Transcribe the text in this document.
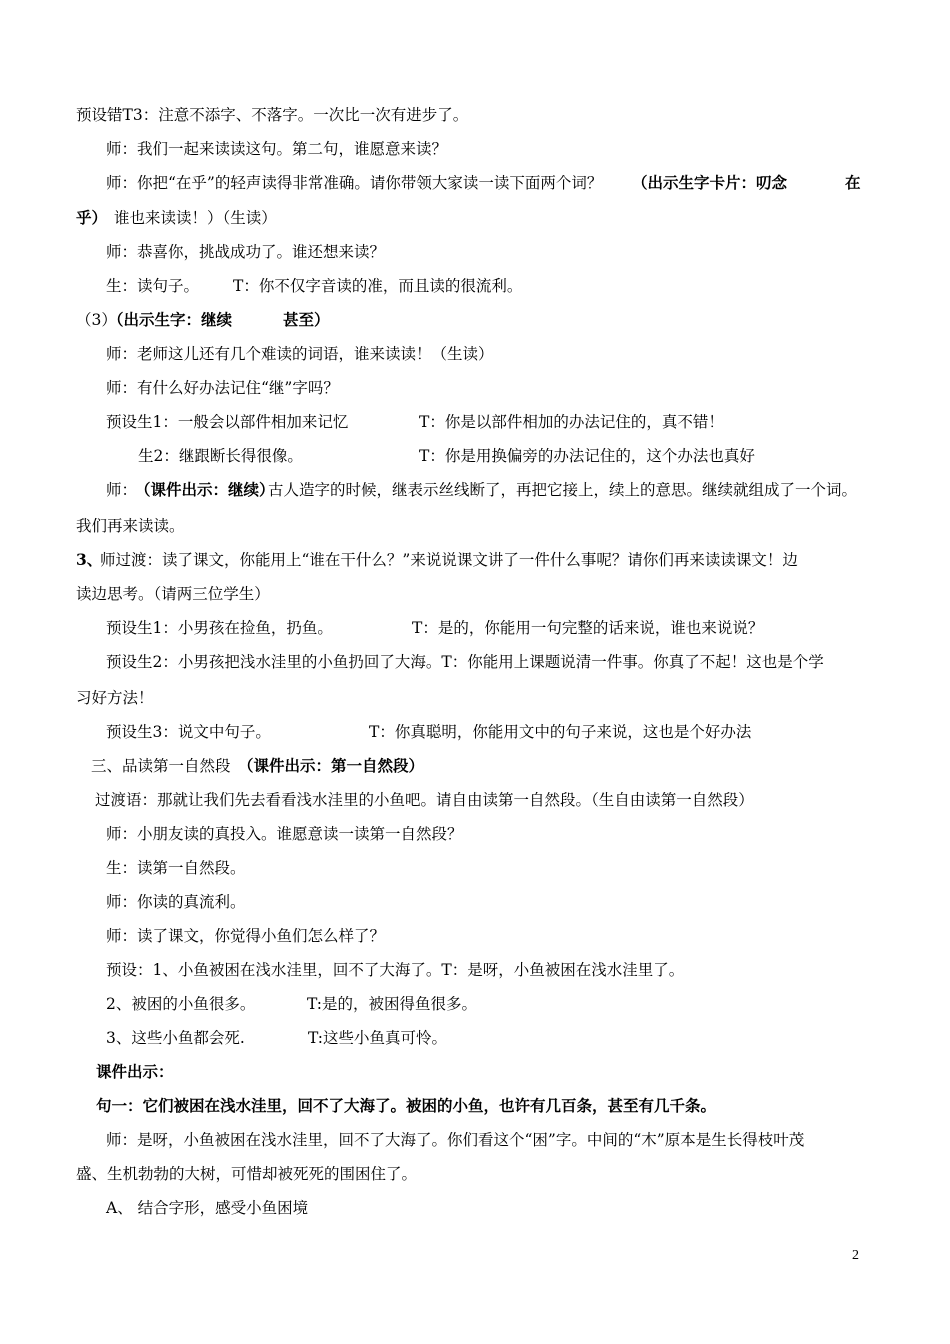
预设错T3：注意不添字、不落字。一次比一次有进步了。
师：我们一起来读读这句。第二句，谁愿意来读？
师：你把“在乎”的轻声读得非常准确。请你带领大家读一读下面两个词？ （出示生字卡片：叨念	在
乎） 谁也来读读！）（生读）
师：恭喜你，挑战成功了。谁还想来读？
生：读句子。 T：你不仅字音读的准，而且读的很流利。
（3）
（出示生字：继续	甚至）
师：老师这儿还有几个难读的词语，谁来读读！（生读）
师：有什么好办法记住“继”字吗？
预设生1：一般会以部件相加来记忆	T：你是以部件相加的办法记住的，真不错！
生2：继跟断长得很像。	T：你是用换偏旁的办法记住的，这个办法也真好
师：
（课件出示：继续）
古人造字的时候，继表示丝线断了，再把它接上，续上的意思。继续就组成了一个词。
我们再来读读。
3、
师过渡：读了课文，你能用上“谁在干什么？”来说说课文讲了一件什么事呢？请你们再来读读课文！边
读边思考。（请两三位学生）
预设生1：小男孩在捡鱼，扔鱼。	T：是的，你能用一句完整的话来说，谁也来说说？
预设生2：小男孩把浅水洼里的小鱼扔回了大海。T：你能用上课题说清一件事。你真了不起！这也是个学
习好方法！
预设生3：说文中句子。	T：你真聪明，你能用文中的句子来说，这也是个好办法
三、品读第一自然段 （课件出示：第一自然段）
过渡语：那就让我们先去看看浅水洼里的小鱼吧。请自由读第一自然段。（生自由读第一自然段）
师：小朋友读的真投入。谁愿意读一读第一自然段？
生：读第一自然段。
师：你读的真流利。
师：读了课文，你觉得小鱼们怎么样了？
预设：1、小鱼被困在浅水洼里，回不了大海了。T：是呀，小鱼被困在浅水洼里了。
2、被困的小鱼很多。	T:是的，被困得鱼很多。
3、这些小鱼都会死.	T:这些小鱼真可怜。
课件出示：
句一：它们被困在浅水洼里，回不了大海了。被困的小鱼，也许有几百条，甚至有几千条。
师：是呀，小鱼被困在浅水洼里，回不了大海了。你们看这个“困”字。中间的“木”原本是生长得枝叶茂
盛、生机勃勃的大树，可惜却被死死的围困住了。
A、 结合字形，感受小鱼困境
2
